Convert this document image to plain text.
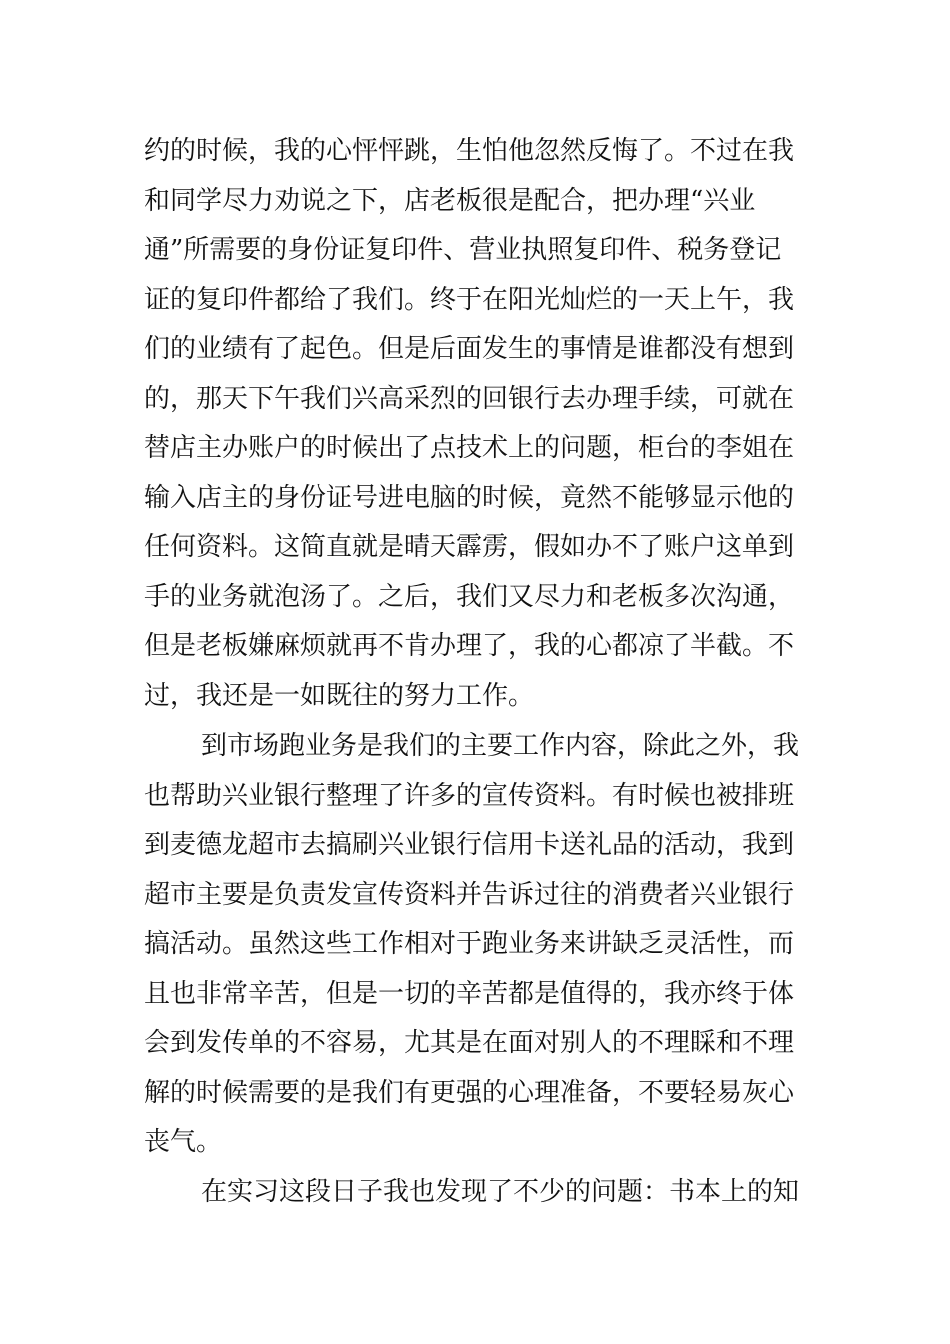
约的时候，我的心怦怦跳，生怕他忽然反悔了。不过在我
和同学尽力劝说之下，店老板很是配合，把办理“兴业
通”所需要的身份证复印件、营业执照复印件、税务登记
证的复印件都给了我们。终于在阳光灿烂的一天上午，我
们的业绩有了起色。但是后面发生的事情是谁都没有想到
的，那天下午我们兴高采烈的回银行去办理手续，可就在
替店主办账户的时候出了点技术上的问题，柜台的李姐在
输入店主的身份证号进电脑的时候，竟然不能够显示他的
任何资料。这简直就是晴天霹雳，假如办不了账户这单到
手的业务就泡汤了。之后，我们又尽力和老板多次沟通，
但是老板嫌麻烦就再不肯办理了，我的心都凉了半截。不
过，我还是一如既往的努力工作。
到市场跑业务是我们的主要工作内容，除此之外，我
也帮助兴业银行整理了许多的宣传资料。有时候也被排班
到麦德龙超市去搞刷兴业银行信用卡送礼品的活动，我到
超市主要是负责发宣传资料并告诉过往的消费者兴业银行
搞活动。虽然这些工作相对于跑业务来讲缺乏灵活性，而
且也非常辛苦，但是一切的辛苦都是值得的，我亦终于体
会到发传单的不容易，尤其是在面对别人的不理睬和不理
解的时候需要的是我们有更强的心理准备，不要轻易灰心
丧气。
在实习这段日子我也发现了不少的问题：书本上的知
